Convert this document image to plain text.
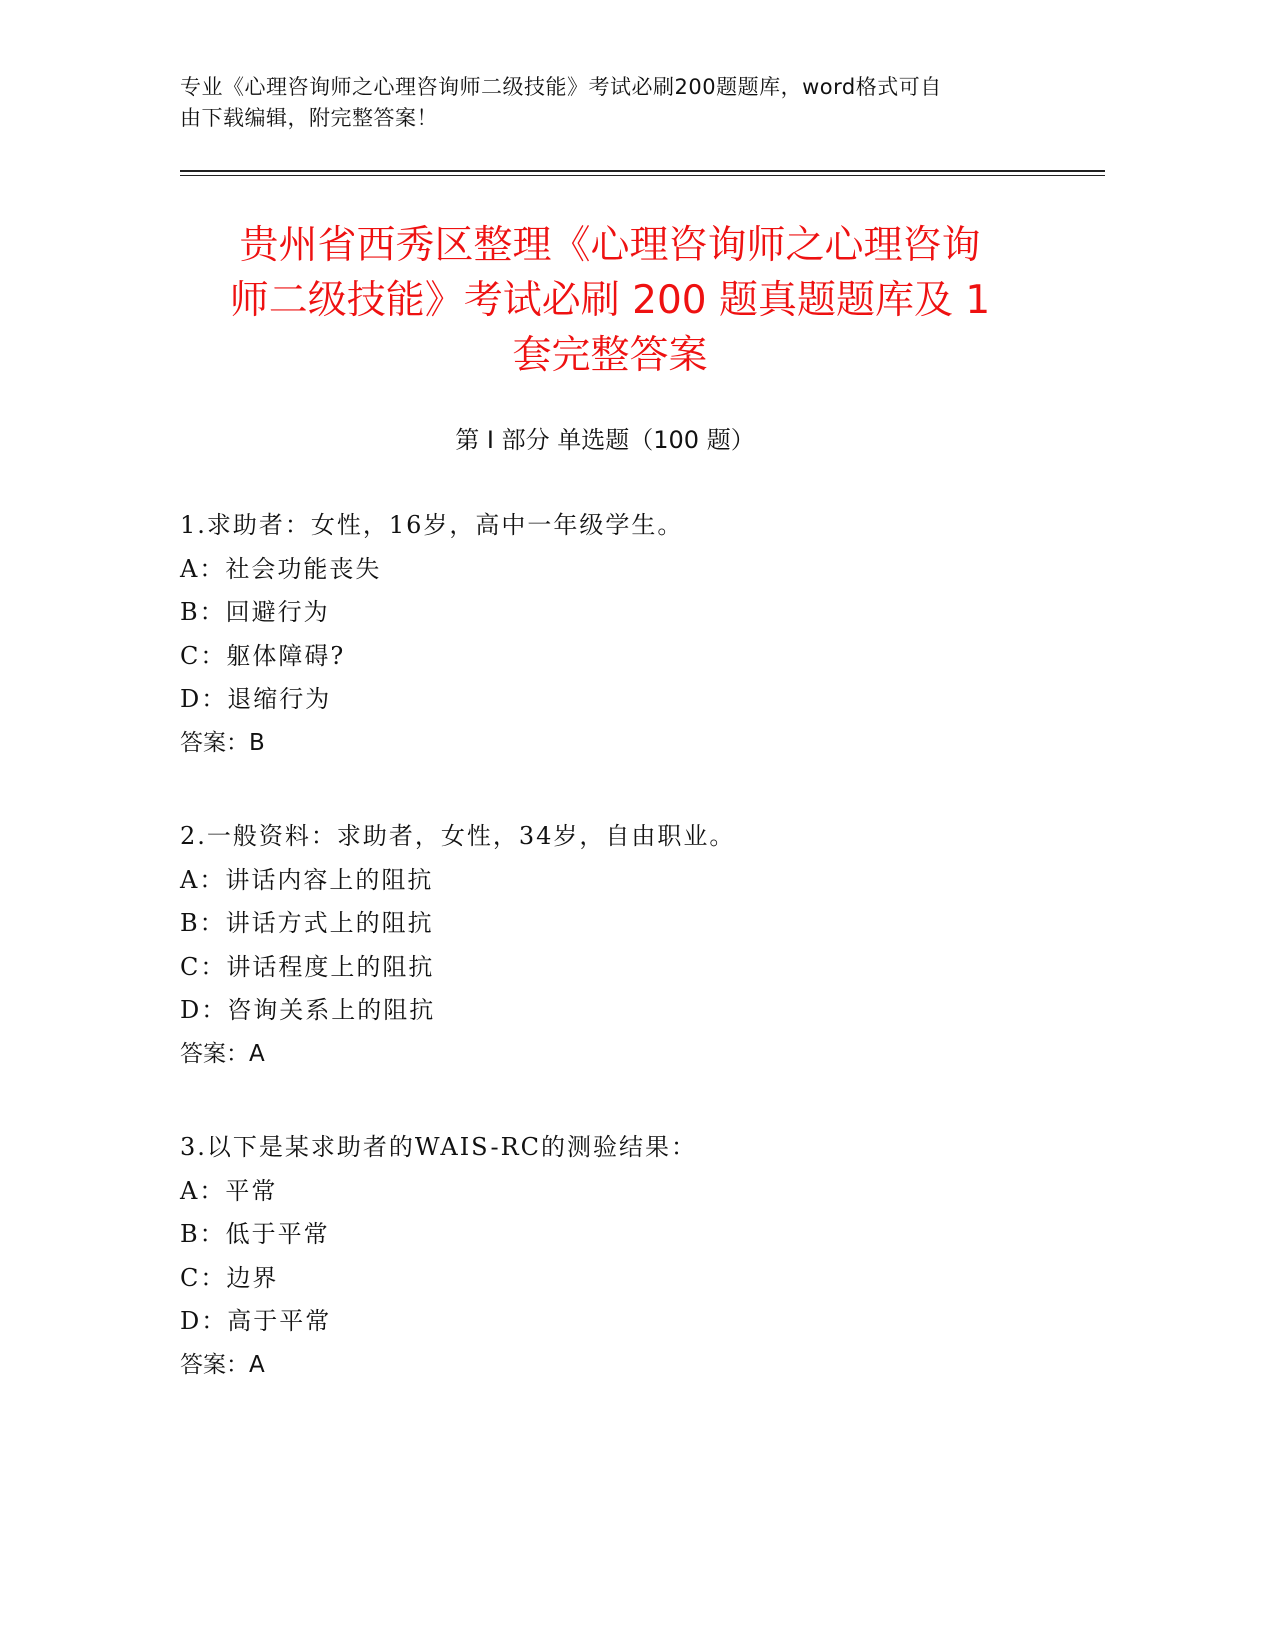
专业《心理咨询师之心理咨询师二级技能》考试必刷200题题库，word格式可自
由下载编辑，附完整答案！
贵州省西秀区整理《心理咨询师之心理咨询
师二级技能》考试必刷 200 题真题题库及 1
套完整答案
第 I 部分 单选题（100 题）
1.求助者：女性，16岁，高中一年级学生。
A：社会功能丧失
B：回避行为
C：躯体障碍?
D：退缩行为
答案：B
2.一般资料：求助者，女性，34岁，自由职业。
A：讲话内容上的阻抗
B：讲话方式上的阻抗
C：讲话程度上的阻抗
D：咨询关系上的阻抗
答案：A
3.以下是某求助者的WAIS-RC的测验结果：
A：平常
B：低于平常
C：边界
D：高于平常
答案：A
